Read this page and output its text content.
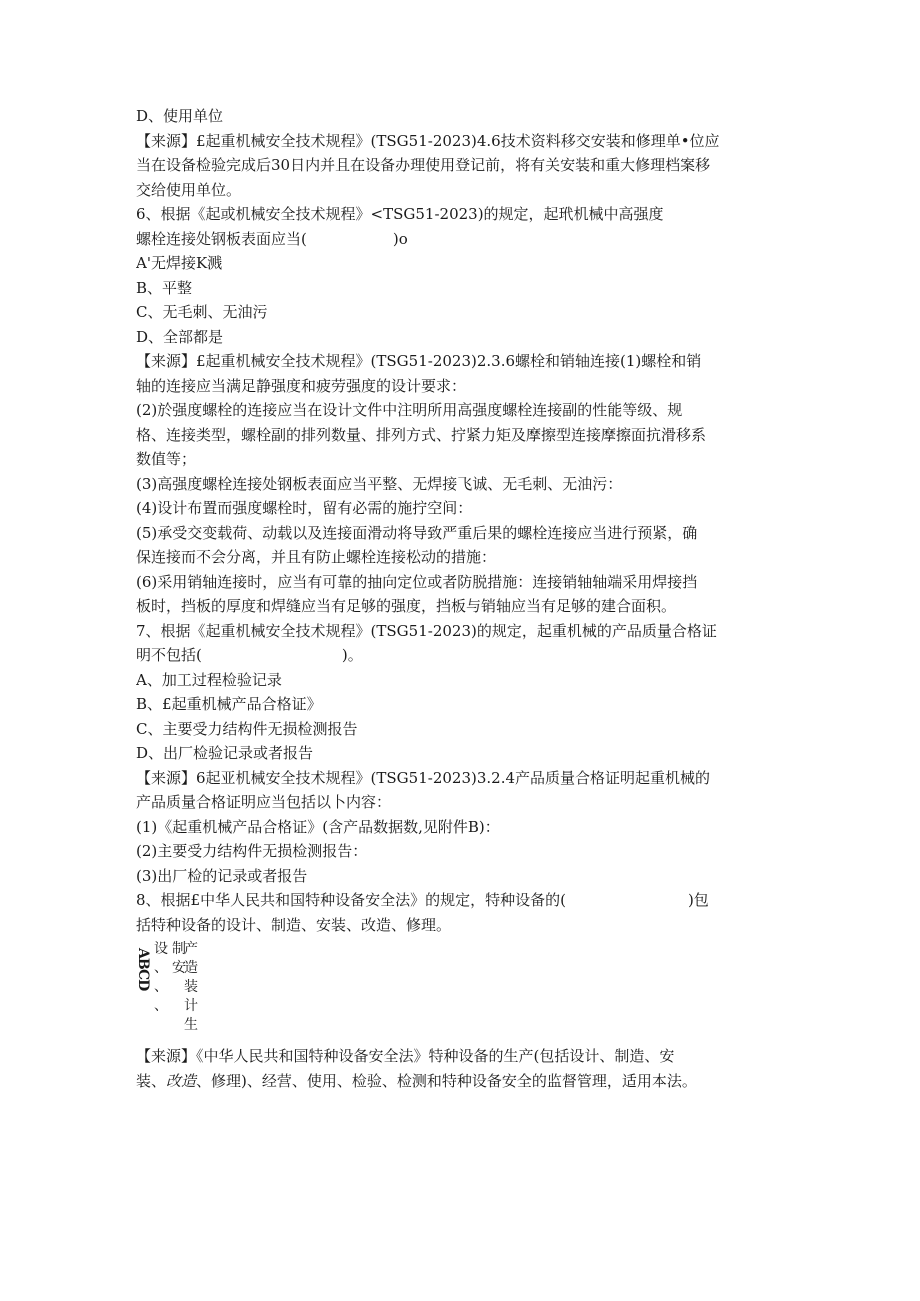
D、使用单位
【来源】£起重机械安全技术规程》(TSG51-2023)4.6技术资料移交安装和修理单•位应
当在设备检验完成后30日内并且在设备办理使用登记前，将有关安装和重大修理档案移
交给使用单位。
6、根据《起或机械安全技术规程》<TSG51-2023)的规定，起玳机械中高强度
螺栓连接处钢板表面应当(	)o
A'无焊接K溅
B、平整
C、无毛刺、无油污
D、全部都是
【来源】£起重机械安全技术规程》(TSG51-2023)2.3.6螺栓和销轴连接(1)螺栓和销
轴的连接应当满足静强度和疲劳强度的设计要求：
(2)於强度螺栓的连接应当在设计文件中注明所用高强度螺栓连接副的性能等级、规
格、连接类型，螺栓副的排列数量、排列方式、拧紧力矩及摩擦型连接摩擦面抗滑移系
数值等；
(3)高强度螺栓连接处钢板表面应当平整、无焊接飞诚、无毛刺、无油污：
(4)设计布置而强度螺栓时，留有必需的施拧空间：
(5)承受交变载荷、动载以及连接面滑动将导致严重后果的螺栓连接应当进行预紧，确
保连接而不会分离，并且有防止螺栓连接松动的措施：
(6)采用销轴连接时，应当有可靠的抽向定位或者防脱措施：连接销轴轴端采用焊接挡
板时，挡板的厚度和焊缝应当有足够的强度，挡板与销轴应当有足够的建合面积。
7、根据《起重机械安全技术规程》(TSG51-2023)的规定，起重机械的产品质量合格证
明不包括(	)。
A、加工过程检验记录
B、£起重机械产品合格证》
C、主要受力结构件无损检测报告
D、出厂检验记录或者报告
【来源】6起亚机械安全技术规程》(TSG51-2023)3.2.4产品质量合格证明起重机械的
产品质量合格证明应当包括以卜内容：
(1)《起重机械产品合格证》(含产品数据数,见附件B)：
(2)主要受力结构件无损检测报告：
(3)出厂检的记录或者报告
8、根据£中华人民共和国特种设备安全法》的规定，特种设备的(	)包
括特种设备的设计、制造、安装、改造、修理。
ABCD 设
、
、
、
制
安
产
造
装
计
生
【来源】《中华人民共和国特种设备安全法》特种设备的生产(包括设计、制造、安
装、改造、修理)、经营、使用、检验、检测和特种设备安全的监督管理，适用本法。
